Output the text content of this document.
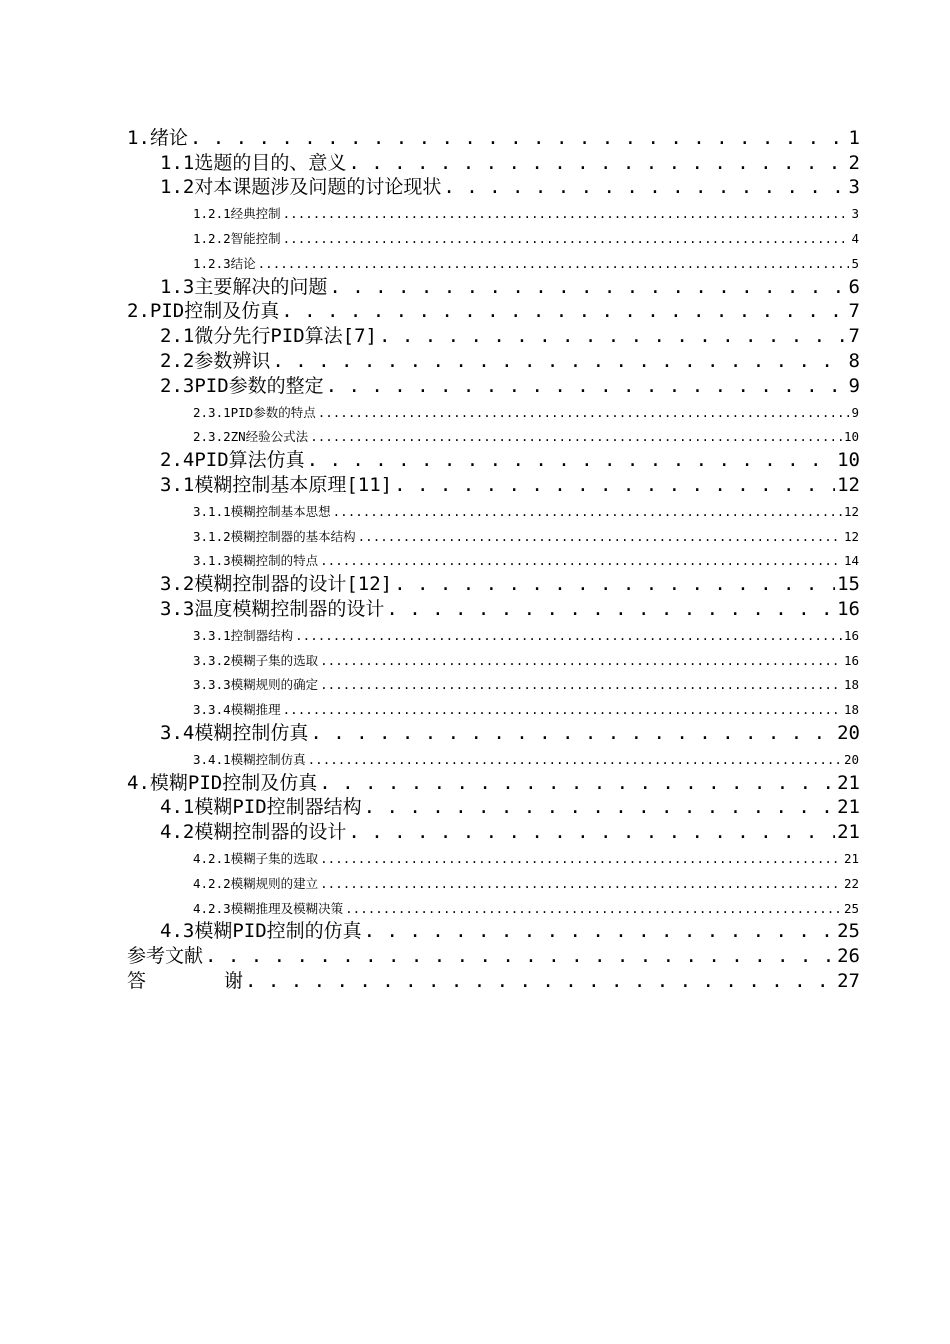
1.绪论 . . .	1
1.1选题的目的、意义 . . .	2
1.2对本课题涉及问题的讨论现状 . . .	3
1.2.1经典控制 .....	3
1.2.2智能控制 .....	4
1.2.3结论 .....	5
1.3主要解决的问题 . . .	6
2.PID控制及仿真 . . .	7
2.1微分先行PID算法[7] . . .	7
2.2参数辨识 . . .	8
2.3PID参数的整定 . . .	9
2.3.1PID参数的特点 .....	9
2.3.2ZN经验公式法 .....	10
2.4PID算法仿真 . . .	10
3.1模糊控制基本原理[11] . . .	12
3.1.1模糊控制基本思想 .....	12
3.1.2模糊控制器的基本结构 .....	12
3.1.3模糊控制的特点 .....	14
3.2模糊控制器的设计[12] . . .	15
3.3温度模糊控制器的设计 . . .	16
3.3.1控制器结构 .....	16
3.3.2模糊子集的选取 .....	16
3.3.3模糊规则的确定 .....	18
3.3.4模糊推理 .....	18
3.4模糊控制仿真 . . .	20
3.4.1模糊控制仿真 .....	20
4.模糊PID控制及仿真 . . .	21
4.1模糊PID控制器结构 . . .	21
4.2模糊控制器的设计 . . .	21
4.2.1模糊子集的选取 .....	21
4.2.2模糊规则的建立 .....	22
4.2.3模糊推理及模糊决策 .....	25
4.3模糊PID控制的仿真 . . .	25
参考文献 . . .	26
答	谢 . . .	27
